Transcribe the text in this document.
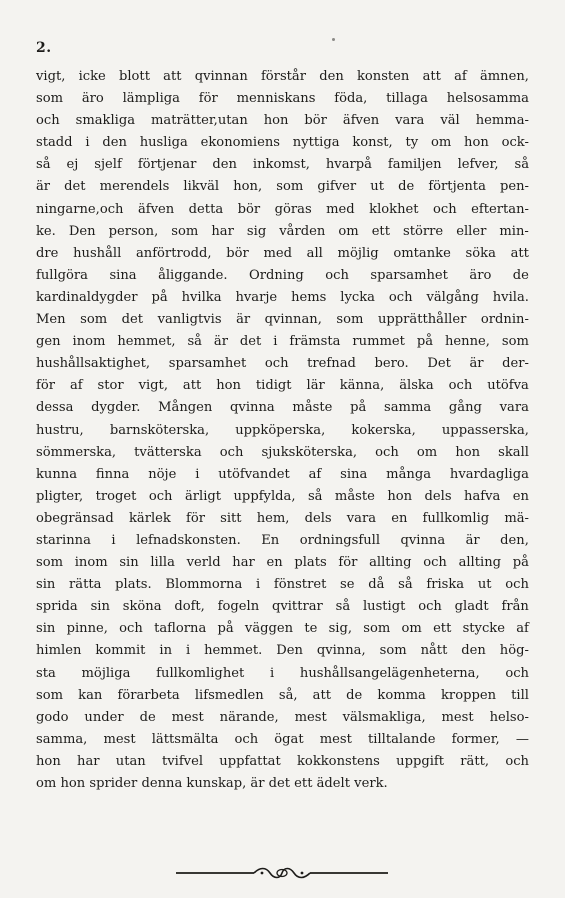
2.
vigt, icke blott att qvinnan förstår den konsten att af ämnen,
som äro lämpliga för menniskans föda, tillaga helsosamma
och smakliga maträtter,utan hon bör äfven vara väl hemma-
stadd i den husliga ekonomiens nyttiga konst, ty om hon ock-
så ej sjelf förtjenar den inkomst, hvarpå familjen lefver, så
är det merendels likväl hon, som gifver ut de förtjenta pen-
ningarne,och äfven detta bör göras med klokhet och eftertan-
ke. Den person, som har sig vården om ett större eller min-
dre hushåll anförtrodd, bör med all möjlig omtanke söka att
fullgöra sina åliggande. Ordning och sparsamhet äro de
kardinaldygder på hvilka hvarje hems lycka och välgång hvila.
Men som det vanligtvis är qvinnan, som upprätthåller ordnin-
gen inom hemmet, så är det i främsta rummet på henne, som
hushållsaktighet, sparsamhet och trefnad bero. Det är der-
för af stor vigt, att hon tidigt lär känna, älska och utöfva
dessa dygder. Mången qvinna måste på samma gång vara
hustru, barnsköterska, uppköperska, kokerska, uppasserska,
sömmerska, tvätterska och sjuksköterska, och om hon skall
kunna finna nöje i utöfvandet af sina många hvardagliga
pligter, troget och ärligt uppfylda, så måste hon dels hafva en
obegränsad kärlek för sitt hem, dels vara en fullkomlig mä-
starinna i lefnadskonsten. En ordningsfull qvinna är den,
som inom sin lilla verld har en plats för allting och allting på
sin rätta plats. Blommorna i fönstret se då så friska ut och
sprida sin sköna doft, fogeln qvittrar så lustigt och gladt från
sin pinne, och taflorna på väggen te sig, som om ett stycke af
himlen kommit in i hemmet. Den qvinna, som nått den hög-
sta möjliga fullkomlighet i hushållsangelägenheterna, och
som kan förarbeta lifsmedlen så, att de komma kroppen till
godo under de mest närande, mest välsmakliga, mest helso-
samma, mest lättsmälta och ögat mest tilltalande former, —
hon har utan tvifvel uppfattat kokkonstens uppgift rätt, och
om hon sprider denna kunskap, är det ett ädelt verk.
